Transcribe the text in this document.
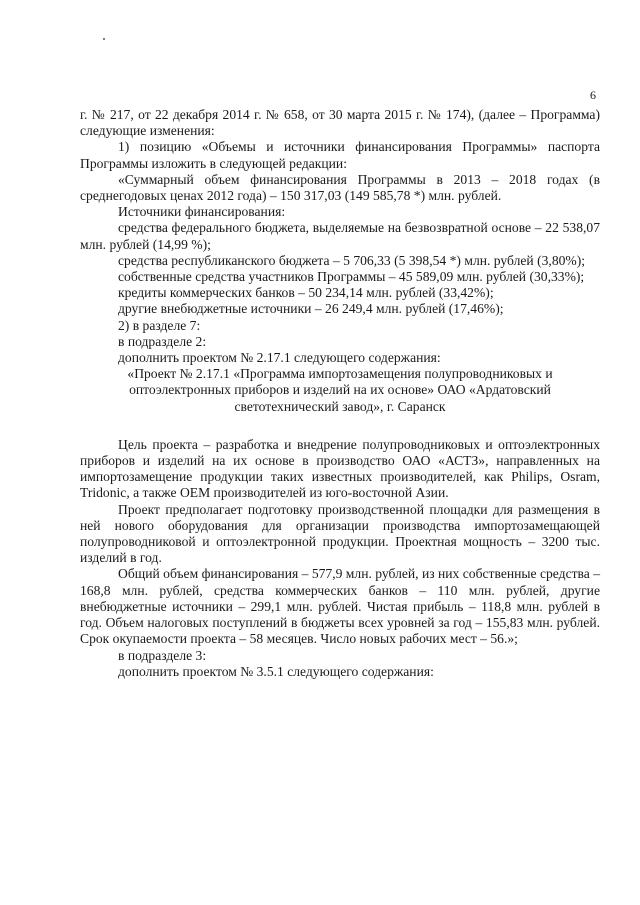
6

г. № 217, от 22 декабря 2014 г. № 658, от 30 марта 2015 г. № 174), (далее – Программа) следующие изменения:

1) позицию «Объемы и источники финансирования Программы» паспорта Программы изложить в следующей редакции:

«Суммарный объем финансирования Программы в 2013 – 2018 годах (в среднегодовых ценах 2012 года) – 150 317,03 (149 585,78 *) млн. рублей.

Источники финансирования:

средства федерального бюджета, выделяемые на безвозвратной основе – 22 538,07 млн. рублей (14,99 %);

средства республиканского бюджета – 5 706,33 (5 398,54 *) млн. рублей (3,80%);

собственные средства участников Программы – 45 589,09 млн. рублей (30,33%);

кредиты коммерческих банков – 50 234,14 млн. рублей (33,42%);

другие внебюджетные источники – 26 249,4 млн. рублей (17,46%);

2) в разделе 7:

в подразделе 2:

дополнить проектом № 2.17.1 следующего содержания:

«Проект № 2.17.1 «Программа импортозамещения полупроводниковых и оптоэлектронных приборов и изделий на их основе» ОАО «Ардатовский светотехнический завод», г. Саранск

Цель проекта – разработка и внедрение полупроводниковых и оптоэлектронных приборов и изделий на их основе в производство ОАО «АСТЗ», направленных на импортозамещение продукции таких известных производителей, как Philips, Osram, Tridonic, а также OEM производителей из юго-восточной Азии.

Проект предполагает подготовку производственной площадки для размещения в ней нового оборудования для организации производства импортозамещающей полупроводниковой и оптоэлектронной продукции. Проектная мощность – 3200 тыс. изделий в год.

Общий объем финансирования – 577,9 млн. рублей, из них собственные средства – 168,8 млн. рублей, средства коммерческих банков – 110 млн. рублей, другие внебюджетные источники – 299,1 млн. рублей. Чистая прибыль – 118,8 млн. рублей в год. Объем налоговых поступлений в бюджеты всех уровней за год – 155,83 млн. рублей. Срок окупаемости проекта – 58 месяцев. Число новых рабочих мест – 56.»;

в подразделе 3:

дополнить проектом № 3.5.1 следующего содержания:
